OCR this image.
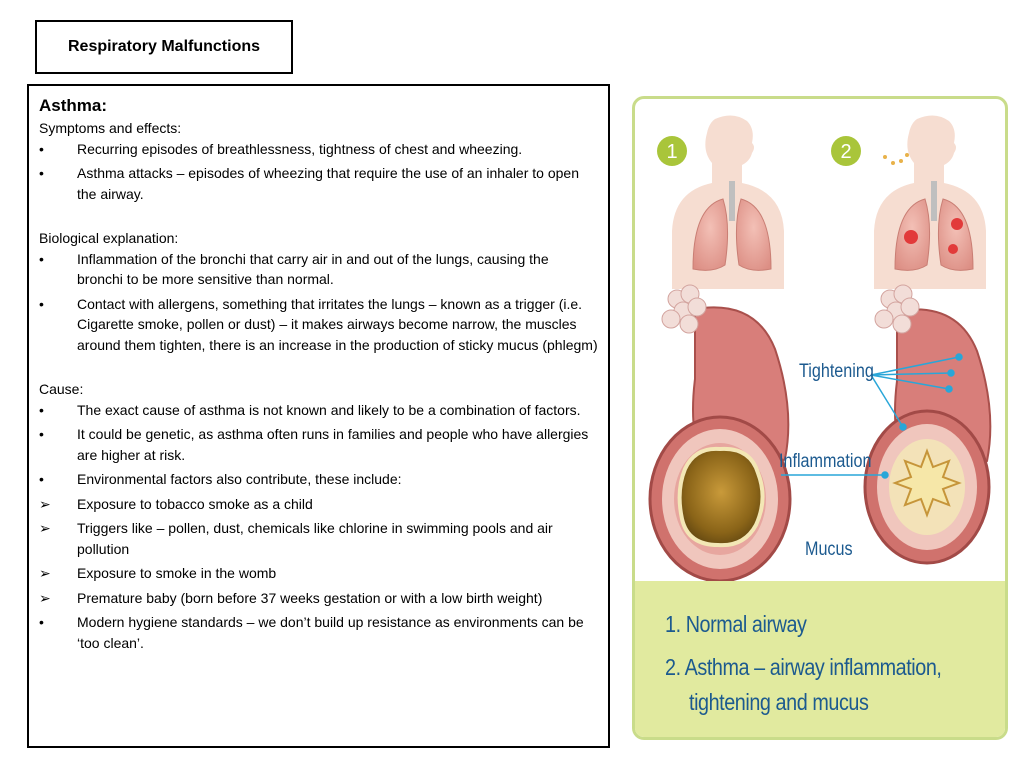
Respiratory Malfunctions

Asthma:

Symptoms and effects:

•	Recurring episodes of breathlessness, tightness of chest and wheezing.
•	Asthma attacks – episodes of wheezing that require the use of an inhaler to open the airway.

Biological explanation:

•	Inflammation of the bronchi that carry air in and out of the lungs, causing the bronchi to be more sensitive than normal.
•	Contact with allergens, something that irritates the lungs – known as a trigger (i.e. Cigarette smoke, pollen or dust) – it makes airways become narrow, the muscles around them tighten, there is an increase in the production of sticky mucus (phlegm)

Cause:

•	The exact cause of asthma is not known and likely to be a combination of factors.
•	It could be genetic, as asthma often runs in families and people who have allergies are higher at risk.
•	Environmental factors also contribute, these include:
➢	Exposure to tobacco smoke as a child
➢	Triggers like – pollen, dust, chemicals like chlorine in swimming pools and air pollution
➢	Exposure to smoke in the womb
➢	Premature baby (born before 37 weeks gestation or with a low birth weight)
•	Modern hygiene standards – we don’t build up resistance as environments can be ‘too clean’.
1	2
Tightening
Inflammation
Mucus
1. Normal airway
2. Asthma – airway inflammation,
tightening and mucus
